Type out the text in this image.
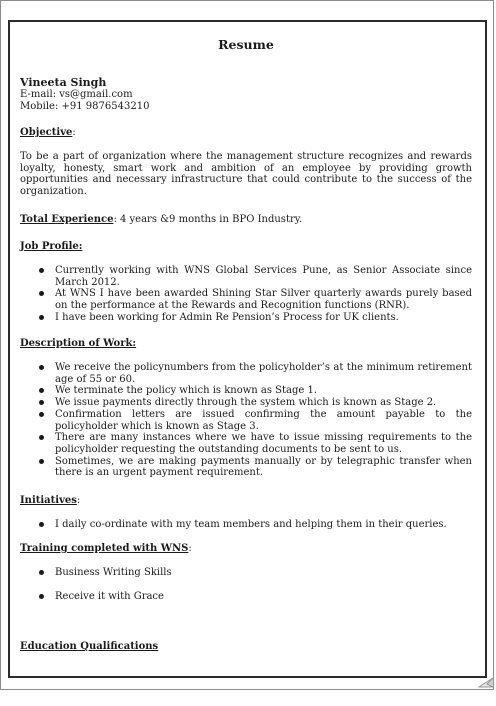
Resume
Vineeta Singh
E-mail: vs@gmail.com
Mobile: +91 9876543210
Objective:
To be a part of organization where the management structure recognizes and rewards loyalty, honesty, smart work and ambition of an employee by providing growth opportunities and necessary infrastructure that could contribute to the success of the organization.
Total Experience: 4 years &9 months in BPO Industry.
Job Profile:
Currently working with WNS Global Services Pune, as Senior Associate since March 2012.
At WNS I have been awarded Shining Star Silver quarterly awards purely based on the performance at the Rewards and Recognition functions (RNR).
I have been working for Admin Re Pension’s Process for UK clients.
Description of Work:
We receive the policynumbers from the policyholder’s at the minimum retirement age of 55 or 60.
We terminate the policy which is known as Stage 1.
We issue payments directly through the system which is known as Stage 2.
Confirmation letters are issued confirming the amount payable to the policyholder which is known as Stage 3.
There are many instances where we have to issue missing requirements to the policyholder requesting the outstanding documents to be sent to us.
Sometimes, we are making payments manually or by telegraphic transfer when there is an urgent payment requirement.
Initiatives:
I daily co-ordinate with my team members and helping them in their queries.
Training completed with WNS:
Business Writing Skills
Receive it with Grace
Education Qualifications
